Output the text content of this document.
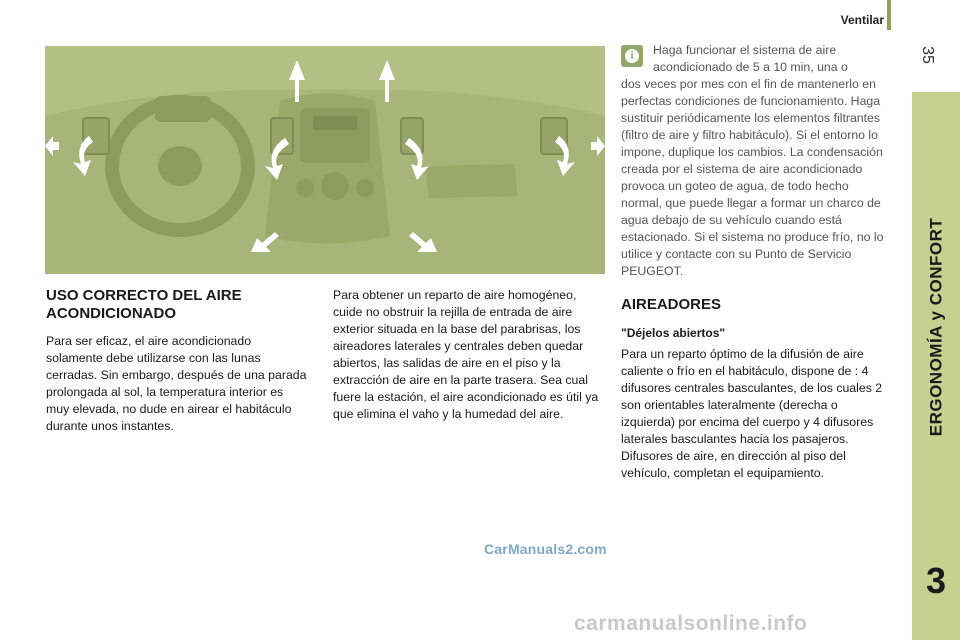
Ventilar
35
ERGONOMÍA y CONFORT
3
USO CORRECTO DEL AIRE ACONDICIONADO

Para ser eficaz, el aire acondicionado solamente debe utilizarse con las lunas cerradas. Sin embargo, después de una parada prolongada al sol, la temperatura interior es muy elevada, no dude en airear el habitáculo durante unos instantes.

Para obtener un reparto de aire homogéneo, cuide no obstruir la rejilla de entrada de aire exterior situada en la base del parabrisas, los aireadores laterales y centrales deben quedar abiertos, las salidas de aire en el piso y la extracción de aire en la parte trasera. Sea cual fuere la estación, el aire acondicionado es útil ya que elimina el vaho y la humedad del aire.

i	Haga funcionar el sistema de aire acondicionado de 5 a 10 min, una o

dos veces por mes con el fin de mantenerlo en perfectas condiciones de funcionamiento. Haga sustituir periódicamente los elementos filtrantes (filtro de aire y filtro habitáculo). Si el entorno lo impone, duplique los cambios. La condensación creada por el sistema de aire acondicionado provoca un goteo de agua, de todo hecho normal, que puede llegar a formar un charco de agua debajo de su vehículo cuando está estacionado. Si el sistema no produce frío, no lo utilice y contacte con su Punto de Servicio PEUGEOT.

AIREADORES

"Déjelos abiertos"

Para un reparto óptimo de la difusión de aire caliente o frío en el habitáculo, dispone de : 4 difusores centrales basculantes, de los cuales 2 son orientables lateralmente (derecha o izquierda) por encima del cuerpo y 4 difusores laterales basculantes hacia los pasajeros. Difusores de aire, en dirección al piso del vehículo, completan el equipamiento.

CarManuals2.com
carmanualsonline.info
